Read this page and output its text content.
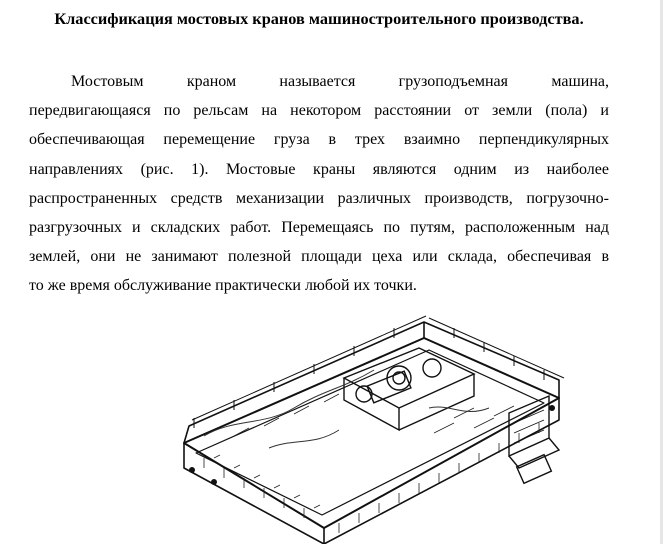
Классификация мостовых кранов машиностроительного производства.
Мостовым краном называется грузоподъемная машина,
передвигающаяся по рельсам на некотором расстоянии от земли (пола) и
обеспечивающая перемещение груза в трех взаимно перпендикулярных
направлениях (рис. 1). Мостовые краны являются одним из наиболее
распространенных средств механизации различных производств, погрузочно-
разгрузочных и складских работ. Перемещаясь по путям, расположенным над
землей, они не занимают полезной площади цеха или склада, обеспечивая в
то же время обслуживание практически любой их точки.
